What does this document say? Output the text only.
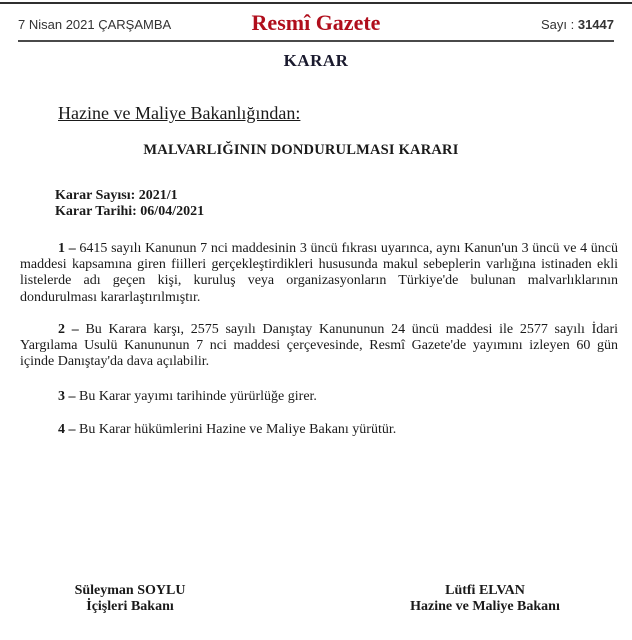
7 Nisan 2021 ÇARŞAMBA	Resmî Gazete	Sayı : 31447
KARAR
Hazine ve Maliye Bakanlığından:
MALVARLIĞININ DONDURULMASI KARARI
Karar Sayısı: 2021/1
Karar Tarihi: 06/04/2021

1 – 6415 sayılı Kanunun 7 nci maddesinin 3 üncü fıkrası uyarınca, aynı Kanun'un 3 üncü ve 4 üncü maddesi kapsamına giren fiilleri gerçekleştirdikleri hususunda makul sebeplerin varlığına istinaden ekli listelerde adı geçen kişi, kuruluş veya organizasyonların Türkiye'de bulunan malvarlıklarının dondurulması kararlaştırılmıştır.

2 – Bu Karara karşı, 2575 sayılı Danıştay Kanununun 24 üncü maddesi ile 2577 sayılı İdari Yargılama Usulü Kanununun 7 nci maddesi çerçevesinde, Resmî Gazete'de yayımını izleyen 60 gün içinde Danıştay'da dava açılabilir.

3 – Bu Karar yayımı tarihinde yürürlüğe girer.

4 – Bu Karar hükümlerini Hazine ve Maliye Bakanı yürütür.

Süleyman SOYLU
İçişleri Bakanı
Lütfi ELVAN
Hazine ve Maliye Bakanı
